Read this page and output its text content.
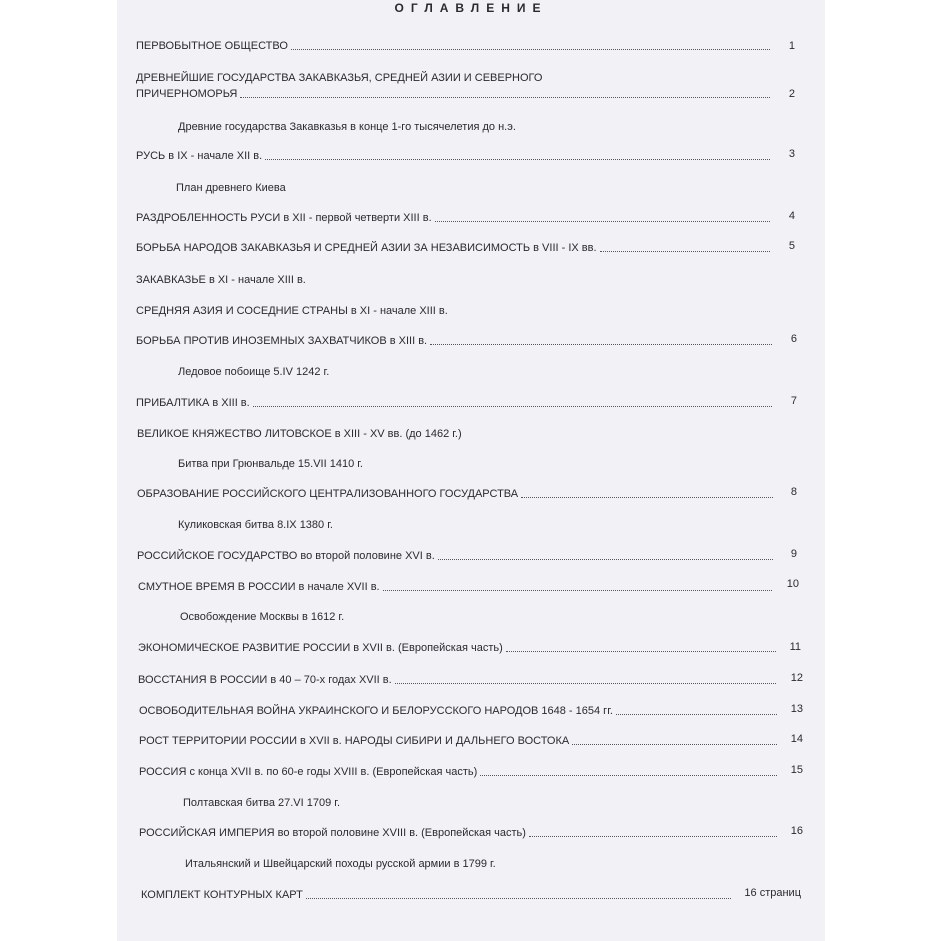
ОГЛАВЛЕНИЕ
ПЕРВОБЫТНОЕ ОБЩЕСТВО	1
ДРЕВНЕЙШИЕ ГОСУДАРСТВА ЗАКАВКАЗЬЯ, СРЕДНЕЙ АЗИИ И СЕВЕРНОГО
ПРИЧЕРНОМОРЬЯ	2
Древние государства Закавказья в конце 1-го тысячелетия до н.э.
РУСЬ в IX - начале XII в.	3
План древнего Киева
РАЗДРОБЛЕННОСТЬ РУСИ в XII - первой четверти XIII в.	4
БОРЬБА НАРОДОВ ЗАКАВКАЗЬЯ И СРЕДНЕЙ АЗИИ ЗА НЕЗАВИСИМОСТЬ в VIII - IX вв.	5
ЗАКАВКАЗЬЕ в XI - начале XIII в.
СРЕДНЯЯ АЗИЯ И СОСЕДНИЕ СТРАНЫ в XI - начале XIII в.
БОРЬБА ПРОТИВ ИНОЗЕМНЫХ ЗАХВАТЧИКОВ в XIII в.	6
Ледовое побоище 5.IV 1242 г.
ПРИБАЛТИКА в XIII в.	7
ВЕЛИКОЕ КНЯЖЕСТВО ЛИТОВСКОЕ в XIII - XV вв. (до 1462 г.)
Битва при Грюнвальде 15.VII 1410 г.
ОБРАЗОВАНИЕ РОССИЙСКОГО ЦЕНТРАЛИЗОВАННОГО ГОСУДАРСТВА	8
Куликовская битва 8.IX 1380 г.
РОССИЙСКОЕ ГОСУДАРСТВО во второй половине XVI в.	9
СМУТНОЕ ВРЕМЯ В РОССИИ в начале XVII в.	10
Освобождение Москвы в 1612 г.
ЭКОНОМИЧЕСКОЕ РАЗВИТИЕ РОССИИ в XVII в. (Европейская часть)	11
ВОССТАНИЯ В РОССИИ в 40 – 70-х годах XVII в.	12
ОСВОБОДИТЕЛЬНАЯ ВОЙНА УКРАИНСКОГО И БЕЛОРУССКОГО НАРОДОВ 1648 - 1654 гг.	13
РОСТ ТЕРРИТОРИИ РОССИИ в XVII в. НАРОДЫ СИБИРИ И ДАЛЬНЕГО ВОСТОКА	14
РОССИЯ с конца XVII в. по 60-е годы XVIII в. (Европейская часть)	15
Полтавская битва 27.VI 1709 г.
РОССИЙСКАЯ ИМПЕРИЯ во второй половине XVIII в. (Европейская часть)	16
Итальянский и Швейцарский походы русской армии в 1799 г.
КОМПЛЕКТ КОНТУРНЫХ КАРТ	16 страниц
